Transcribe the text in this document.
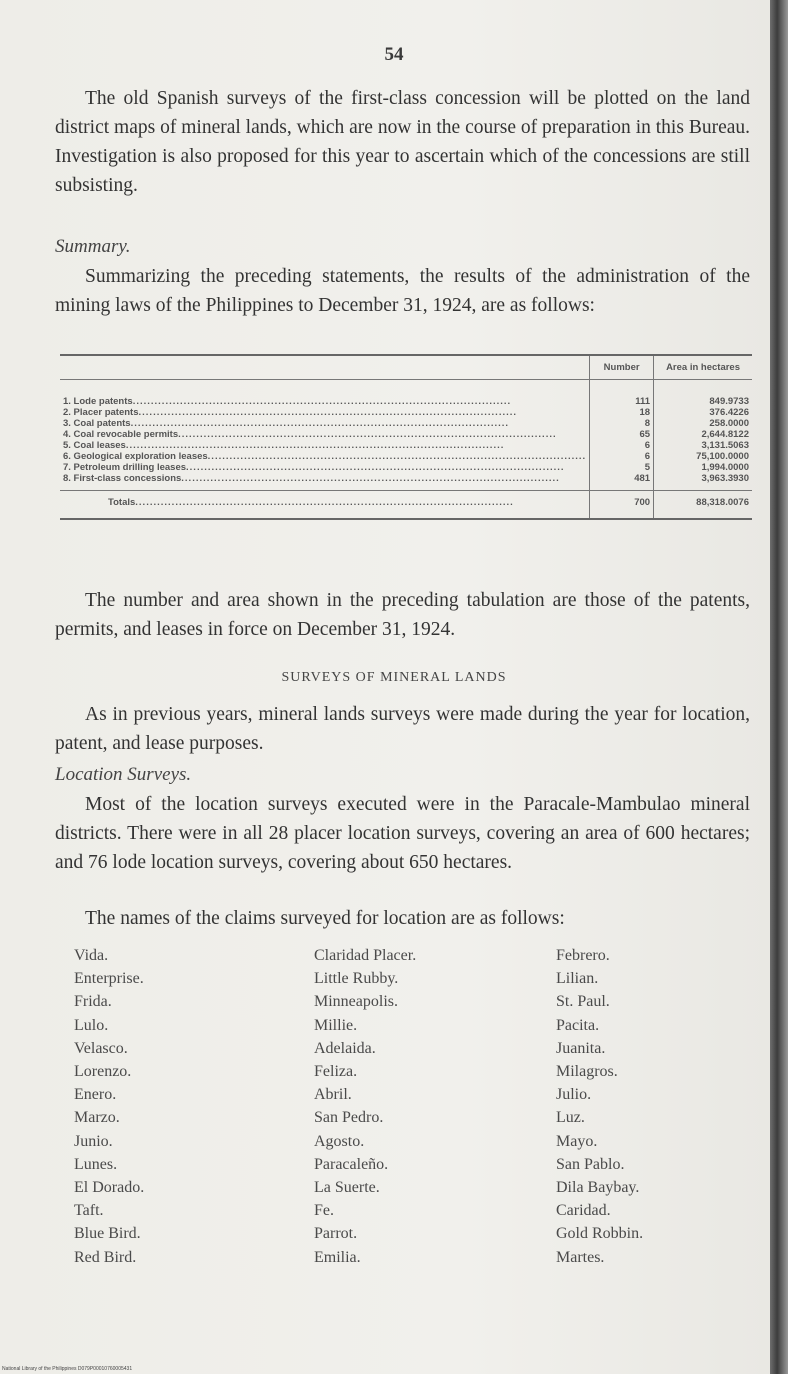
54
The old Spanish surveys of the first-class concession will be plotted on the land district maps of mineral lands, which are now in the course of preparation in this Bureau. Investigation is also proposed for this year to ascertain which of the concessions are still subsisting.
Summary.
Summarizing the preceding statements, the results of the administration of the mining laws of the Philippines to December 31, 1924, are as follows:
	Number	Area in hectares
1. Lode patents........................................................................................................	111	849.9733
2. Placer patents........................................................................................................	18	376.4226
3. Coal patents........................................................................................................	8	258.0000
4. Coal revocable permits........................................................................................................	65	2,644.8122
5. Coal leases........................................................................................................	6	3,131.5063
6. Geological exploration leases........................................................................................................	6	75,100.0000
7. Petroleum drilling leases........................................................................................................	5	1,994.0000
8. First-class concessions........................................................................................................	481	3,963.3930
Totals........................................................................................................	700	88,318.0076
The number and area shown in the preceding tabulation are those of the patents, permits, and leases in force on December 31, 1924.
SURVEYS OF MINERAL LANDS
As in previous years, mineral lands surveys were made during the year for location, patent, and lease purposes.
Location Surveys.
Most of the location surveys executed were in the Paracale-Mambulao mineral districts. There were in all 28 placer location surveys, covering an area of 600 hectares; and 76 lode location surveys, covering about 650 hectares.
The names of the claims surveyed for location are as follows:
Vida.
Enterprise.
Frida.
Lulo.
Velasco.
Lorenzo.
Enero.
Marzo.
Junio.
Lunes.
El Dorado.
Taft.
Blue Bird.
Red Bird.
Claridad Placer.
Little Rubby.
Minneapolis.
Millie.
Adelaida.
Feliza.
Abril.
San Pedro.
Agosto.
Paracaleño.
La Suerte.
Fe.
Parrot.
Emilia.
Febrero.
Lilian.
St. Paul.
Pacita.
Juanita.
Milagros.
Julio.
Luz.
Mayo.
San Pablo.
Dila Baybay.
Caridad.
Gold Robbin.
Martes.
National Library of the Philippines D079P00010760005431
